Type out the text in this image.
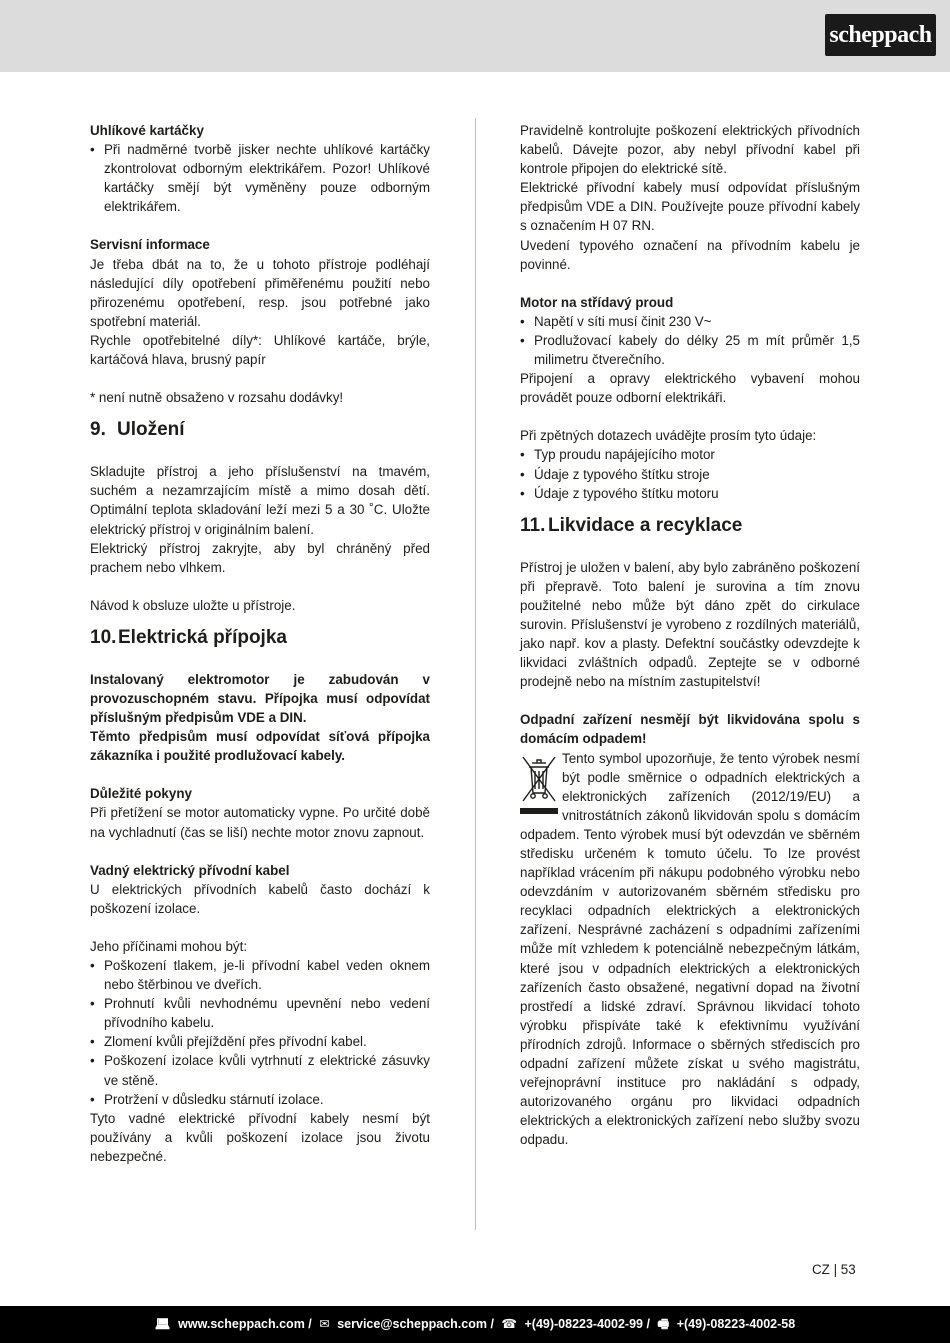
scheppach
Uhlíkové kartáčky
• Při nadměrné tvorbě jisker nechte uhlíkové kartáčky zkontrolovat odborným elektrikářem. Pozor! Uhlíkové kartáčky smějí být vyměněny pouze odborným elektrikářem.
Servisní informace

Je třeba dbát na to, že u tohoto přístroje podléhají následující díly opotřebení přiměřenému použití nebo přirozenému opotřebení, resp. jsou potřebné jako spotřební materiál.

Rychle opotřebitelné díly*: Uhlíkové kartáče, brýle, kartáčová hlava, brusný papír

* není nutně obsaženo v rozsahu dodávky!

9. Uložení

Skladujte přístroj a jeho příslušenství na tmavém, suchém a nezamrzajícím místě a mimo dosah dětí. Optimální teplota skladování leží mezi 5 a 30 ˚C. Uložte elektrický přístroj v originálním balení.

Elektrický přístroj zakryjte, aby byl chráněný před prachem nebo vlhkem.

Návod k obsluze uložte u přístroje.

10.Elektrická přípojka

Instalovaný elektromotor je zabudován v provozuschopném stavu. Přípojka musí odpovídat příslušným předpisům VDE a DIN.

Těmto předpisům musí odpovídat síťová přípojka zákazníka i použité prodlužovací kabely.

Důležité pokyny

Při přetížení se motor automaticky vypne. Po určité době na vychladnutí (čas se liší) nechte motor znovu zapnout.

Vadný elektrický přívodní kabel

U elektrických přívodních kabelů často dochází k poškození izolace.

Jeho příčinami mohou být:

• Poškození tlakem, je-li přívodní kabel veden oknem nebo štěrbinou ve dveřích.
• Prohnutí kvůli nevhodnému upevnění nebo vedení přívodního kabelu.
• Zlomení kvůli přejíždění přes přívodní kabel.
• Poškození izolace kvůli vytrhnutí z elektrické zásuvky ve stěně.
• Protržení v důsledku stárnutí izolace.

Tyto vadné elektrické přívodní kabely nesmí být používány a kvůli poškození izolace jsou životu nebezpečné.

Pravidelně kontrolujte poškození elektrických přívodních kabelů. Dávejte pozor, aby nebyl přívodní kabel při kontrole připojen do elektrické sítě.

Elektrické přívodní kabely musí odpovídat příslušným předpisům VDE a DIN. Používejte pouze přívodní kabely s označením H 07 RN.

Uvedení typového označení na přívodním kabelu je povinné.

Motor na střídavý proud
• Napětí v síti musí činit 230 V~
• Prodlužovací kabely do délky 25 m mít průměr 1,5 milimetru čtverečního.

Připojení a opravy elektrického vybavení mohou provádět pouze odborní elektrikáři.

Při zpětných dotazech uvádějte prosím tyto údaje:

• Typ proudu napájejícího motor
• Údaje z typového štítku stroje
• Údaje z typového štítku motoru
11. Likvidace a recyklace

Přístroj je uložen v balení, aby bylo zabráněno poškození při přepravě. Toto balení je surovina a tím znovu použitelné nebo může být dáno zpět do cirkulace surovin. Příslušenství je vyrobeno z rozdílných materiálů, jako např. kov a plasty. Defektní součástky odevzdejte k likvidaci zvláštních odpadů. Zeptejte se v odborné prodejně nebo na místním zastupitelství!

Odpadní zařízení nesmějí být likvidována spolu s domácím odpadem!

Tento symbol upozorňuje, že tento výrobek nesmí být podle směrnice o odpadních elektrických a elektronických zařízeních (2012/19/EU) a vnitrostátních zákonů likvidován spolu s domácím odpadem. Tento výrobek musí být odevzdán ve sběrném středisku určeném k tomuto účelu. To lze provést například vrácením při nákupu podobného výrobku nebo odevzdáním v autorizovaném sběrném středisku pro recyklaci odpadních elektrických a elektronických zařízení. Nesprávné zacházení s odpadními zařízeními může mít vzhledem k potenciálně nebezpečným látkám, které jsou v odpadních elektrických a elektronických zařízeních často obsažené, negativní dopad na životní prostředí a lidské zdraví. Správnou likvidací tohoto výrobku přispíváte také k efektivnímu využívání přírodních zdrojů. Informace o sběrných střediscích pro odpadní zařízení můžete získat u svého magistrátu, veřejnoprávní instituce pro nakládání s odpady, autorizovaného orgánu pro likvidaci odpadních elektrických a elektronických zařízení nebo služby svozu odpadu.

CZ | 53
💻︎ www.scheppach.com / ✉︎ service@scheppach.com / ☎︎ +(49)-08223-4002-99 / 🖷︎ +(49)-08223-4002-58
